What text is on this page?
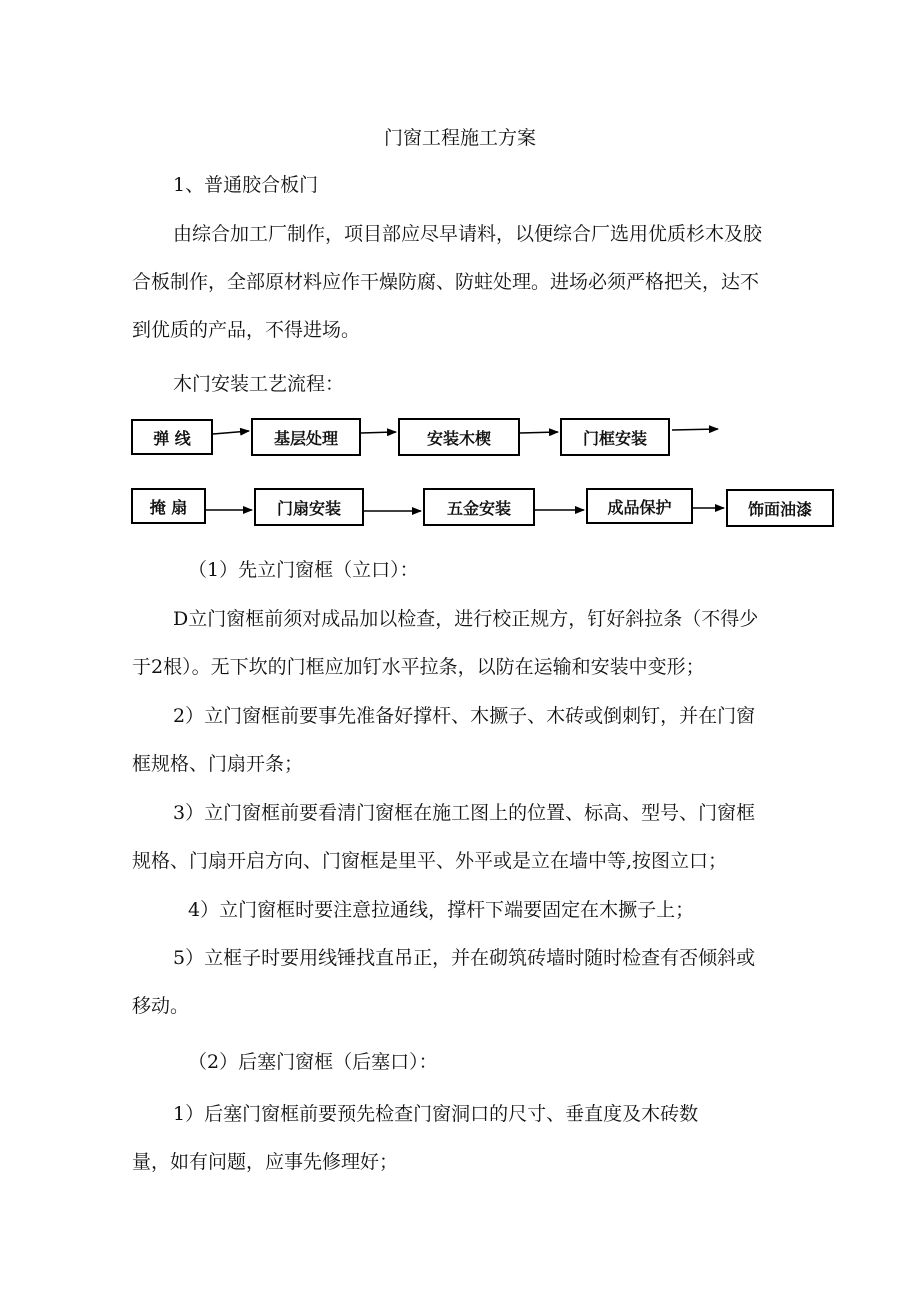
门窗工程施工方案
1、普通胶合板门
由综合加工厂制作，项目部应尽早请料，以便综合厂选用优质杉木及胶
合板制作，全部原材料应作干燥防腐、防蛀处理。进场必须严格把关，达不
到优质的产品，不得进场。
木门安装工艺流程：
弹 线	基层处理	安装木楔	门框安装
掩 扇	门扇安装	五金安装	成品保护	饰面油漆
（1）先立门窗框（立口）：
D立门窗框前须对成品加以检查，进行校正规方，钉好斜拉条（不得少
于2根）。无下坎的门框应加钉水平拉条，以防在运输和安装中变形；
2）立门窗框前要事先准备好撑杆、木撅子、木砖或倒刺钉，并在门窗
框规格、门扇开条；
3）立门窗框前要看清门窗框在施工图上的位置、标高、型号、门窗框
规格、门扇开启方向、门窗框是里平、外平或是立在墙中等,按图立口；
4）立门窗框时要注意拉通线，撑杆下端要固定在木撅子上；
5）立框子时要用线锤找直吊正，并在砌筑砖墙时随时检查有否倾斜或
移动。
（2）后塞门窗框（后塞口）：
1）后塞门窗框前要预先检查门窗洞口的尺寸、垂直度及木砖数
量，如有问题，应事先修理好；
